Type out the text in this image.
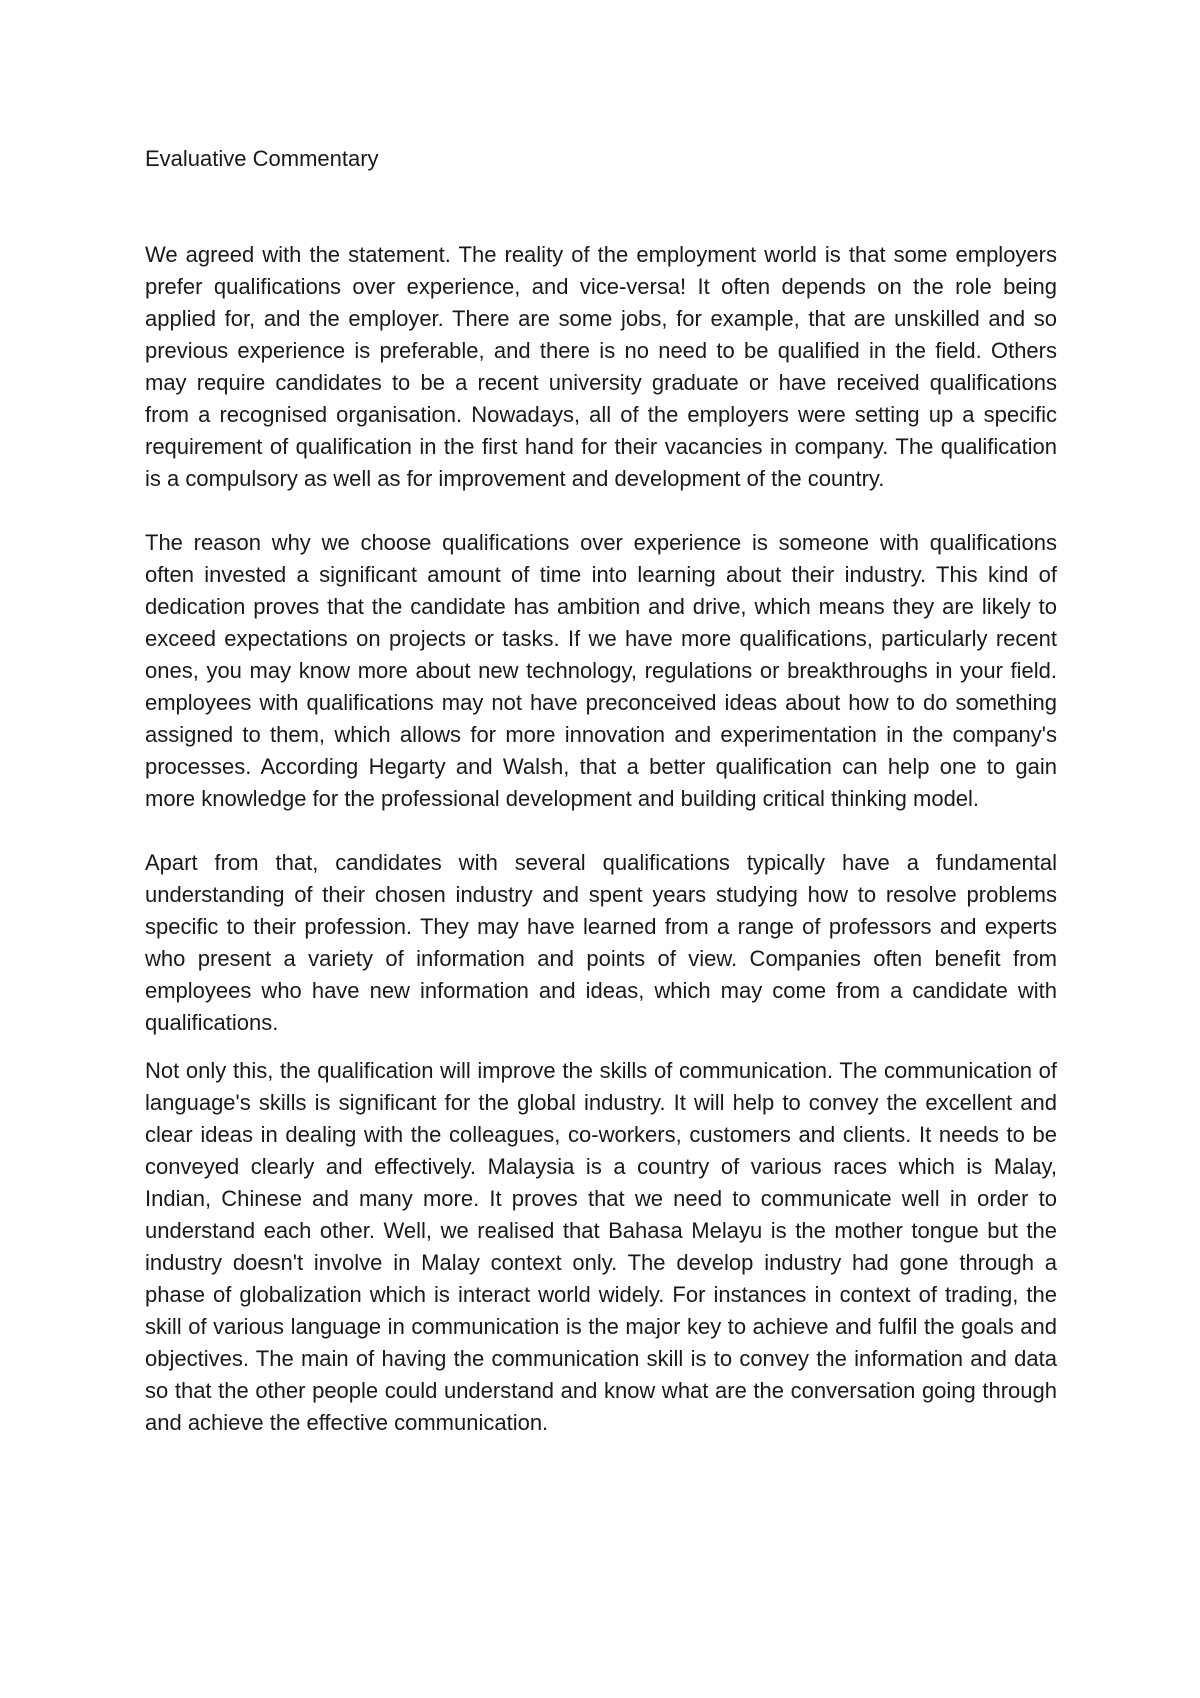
Evaluative Commentary

We agreed with the statement. The reality of the employment world is that some employers prefer qualifications over experience, and vice-versa! It often depends on the role being applied for, and the employer. There are some jobs, for example, that are unskilled and so previous experience is preferable, and there is no need to be qualified in the field. Others may require candidates to be a recent university graduate or have received qualifications from a recognised organisation. Nowadays, all of the employers were setting up a specific requirement of qualification in the first hand for their vacancies in company. The qualification is a compulsory as well as for improvement and development of the country.

The reason why we choose qualifications over experience is someone with qualifications often invested a significant amount of time into learning about their industry. This kind of dedication proves that the candidate has ambition and drive, which means they are likely to exceed expectations on projects or tasks. If we have more qualifications, particularly recent ones, you may know more about new technology, regulations or breakthroughs in your field. employees with qualifications may not have preconceived ideas about how to do something assigned to them, which allows for more innovation and experimentation in the company's processes. According Hegarty and Walsh, that a better qualification can help one to gain more knowledge for the professional development and building critical thinking model.

Apart from that, candidates with several qualifications typically have a fundamental understanding of their chosen industry and spent years studying how to resolve problems specific to their profession. They may have learned from a range of professors and experts who present a variety of information and points of view. Companies often benefit from employees who have new information and ideas, which may come from a candidate with qualifications.

Not only this, the qualification will improve the skills of communication. The communication of language's skills is significant for the global industry. It will help to convey the excellent and clear ideas in dealing with the colleagues, co-workers, customers and clients. It needs to be conveyed clearly and effectively. Malaysia is a country of various races which is Malay, Indian, Chinese and many more. It proves that we need to communicate well in order to understand each other. Well, we realised that Bahasa Melayu is the mother tongue but the industry doesn't involve in Malay context only. The develop industry had gone through a phase of globalization which is interact world widely. For instances in context of trading, the skill of various language in communication is the major key to achieve and fulfil the goals and objectives. The main of having the communication skill is to convey the information and data so that the other people could understand and know what are the conversation going through and achieve the effective communication.
